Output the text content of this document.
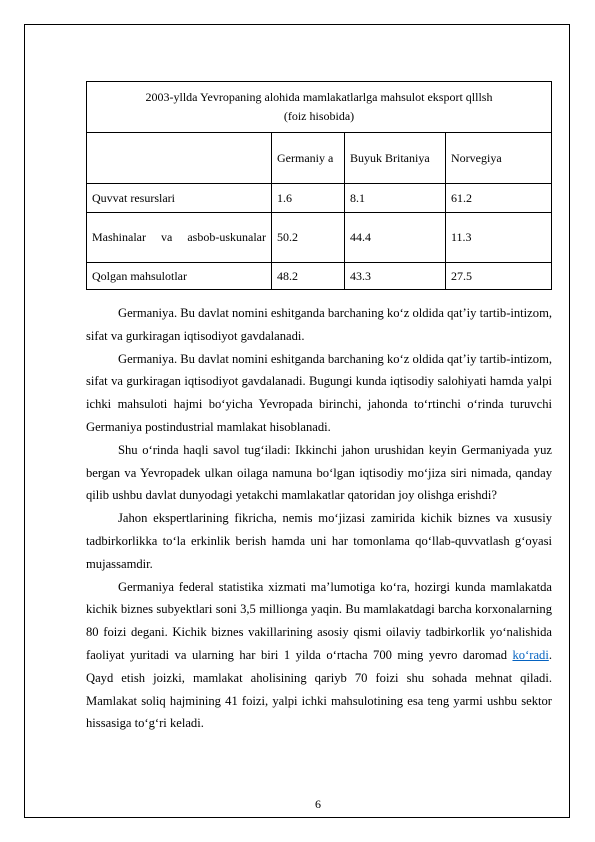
2003-yllda Yevropaning alohida mamlakatlarlga mahsulot eksport qlllsh
(foiz hisobida)			

	Germaniy a	Buyuk Britaniya	Norvegiya
Quvvat resurslari	1.6	8.1	61.2

Mashinalar va asbob-uskunalar	50.2	44.4	11.3
Qolgan mahsulotlar	48.2	43.3	27.5

Germaniya. Bu davlat nomini eshitganda barchaning koʻz oldida qatʼiy tartib-intizom, sifat va gurkiragan iqtisodiyot gavdalanadi.

Germaniya. Bu davlat nomini eshitganda barchaning koʻz oldida qatʼiy tartib-intizom, sifat va gurkiragan iqtisodiyot gavdalanadi. Bugungi kunda iqtisodiy salohiyati hamda yalpi ichki mahsuloti hajmi boʻyicha Yevropada birinchi, jahonda toʻrtinchi oʻrinda turuvchi Germaniya postindustrial mamlakat hisoblanadi.

Shu oʻrinda haqli savol tugʻiladi: Ikkinchi jahon urushidan keyin Germaniyada yuz bergan va Yevropadek ulkan oilaga namuna boʻlgan iqtisodiy moʻjiza siri nimada, qanday qilib ushbu davlat dunyodagi yetakchi mamlakatlar qatoridan joy olishga erishdi?

Jahon ekspertlarining fikricha, nemis moʻjizasi zamirida kichik biznes va xususiy tadbirkorlikka toʻla erkinlik berish hamda uni har tomonlama qoʻllab-quvvatlash gʻoyasi mujassamdir.

Germaniya federal statistika xizmati maʼlumotiga koʻra, hozirgi kunda mamlakatda kichik biznes subyektlari soni 3,5 millionga yaqin. Bu mamlakatdagi barcha korxonalarning 80 foizi degani. Kichik biznes vakillarining asosiy qismi oilaviy tadbirkorlik yoʻnalishida faoliyat yuritadi va ularning har biri 1 yilda oʻrtacha 700 ming yevro daromad koʻradi. Qayd etish joizki, mamlakat aholisining qariyb 70 foizi shu sohada mehnat qiladi. Mamlakat soliq hajmining 41 foizi, yalpi ichki mahsulotining esa teng yarmi ushbu sektor hissasiga toʻgʻri keladi.

6
